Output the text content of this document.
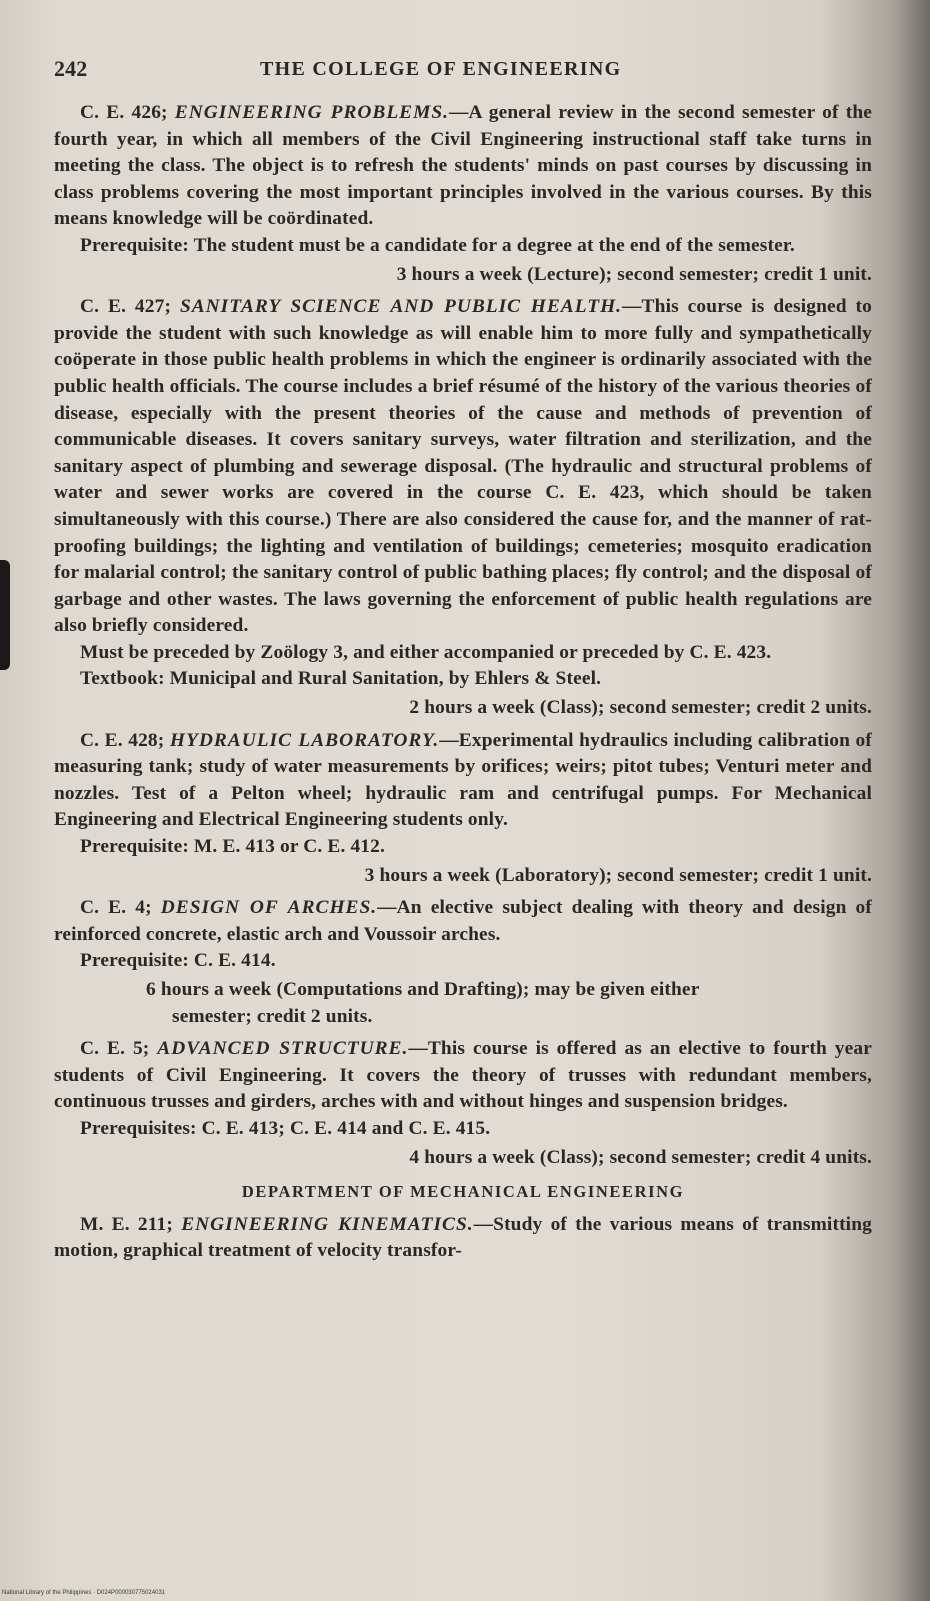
242	THE COLLEGE OF ENGINEERING

C. E. 426; ENGINEERING PROBLEMS.—A general review in the second semester of the fourth year, in which all members of the Civil Engineering instructional staff take turns in meeting the class. The object is to refresh the students' minds on past courses by discussing in class problems covering the most important principles involved in the various courses. By this means knowledge will be coördinated.

Prerequisite: The student must be a candidate for a degree at the end of the semester.

3 hours a week (Lecture); second semester; credit 1 unit.

C. E. 427; SANITARY SCIENCE AND PUBLIC HEALTH.—This course is designed to provide the student with such knowledge as will enable him to more fully and sympathetically coöperate in those public health problems in which the engineer is ordinarily associated with the public health officials. The course includes a brief résumé of the history of the various theories of disease, especially with the present theories of the cause and methods of prevention of communicable diseases. It covers sanitary surveys, water filtration and sterilization, and the sanitary aspect of plumbing and sewerage disposal. (The hydraulic and structural problems of water and sewer works are covered in the course C. E. 423, which should be taken simultaneously with this course.) There are also considered the cause for, and the manner of rat-proofing buildings; the lighting and ventilation of buildings; cemeteries; mosquito eradication for malarial control; the sanitary control of public bathing places; fly control; and the disposal of garbage and other wastes. The laws governing the enforcement of public health regulations are also briefly considered.

Must be preceded by Zoölogy 3, and either accompanied or preceded by C. E. 423.

Textbook: Municipal and Rural Sanitation, by Ehlers & Steel.

2 hours a week (Class); second semester; credit 2 units.

C. E. 428; HYDRAULIC LABORATORY.—Experimental hydraulics including calibration of measuring tank; study of water measurements by orifices; weirs; pitot tubes; Venturi meter and nozzles. Test of a Pelton wheel; hydraulic ram and centrifugal pumps. For Mechanical Engineering and Electrical Engineering students only.

Prerequisite: M. E. 413 or C. E. 412.

3 hours a week (Laboratory); second semester; credit 1 unit.

C. E. 4; DESIGN OF ARCHES.—An elective subject dealing with theory and design of reinforced concrete, elastic arch and Voussoir arches.

Prerequisite: C. E. 414.

6 hours a week (Computations and Drafting); may be given either
semester; credit 2 units.

C. E. 5; ADVANCED STRUCTURE.—This course is offered as an elective to fourth year students of Civil Engineering. It covers the theory of trusses with redundant members, continuous trusses and girders, arches with and without hinges and suspension bridges.

Prerequisites: C. E. 413; C. E. 414 and C. E. 415.

4 hours a week (Class); second semester; credit 4 units.

DEPARTMENT OF MECHANICAL ENGINEERING

M. E. 211; ENGINEERING KINEMATICS.—Study of the various means of transmitting motion, graphical treatment of velocity transfor-

National Library of the Philippines · D024P000030775024031
